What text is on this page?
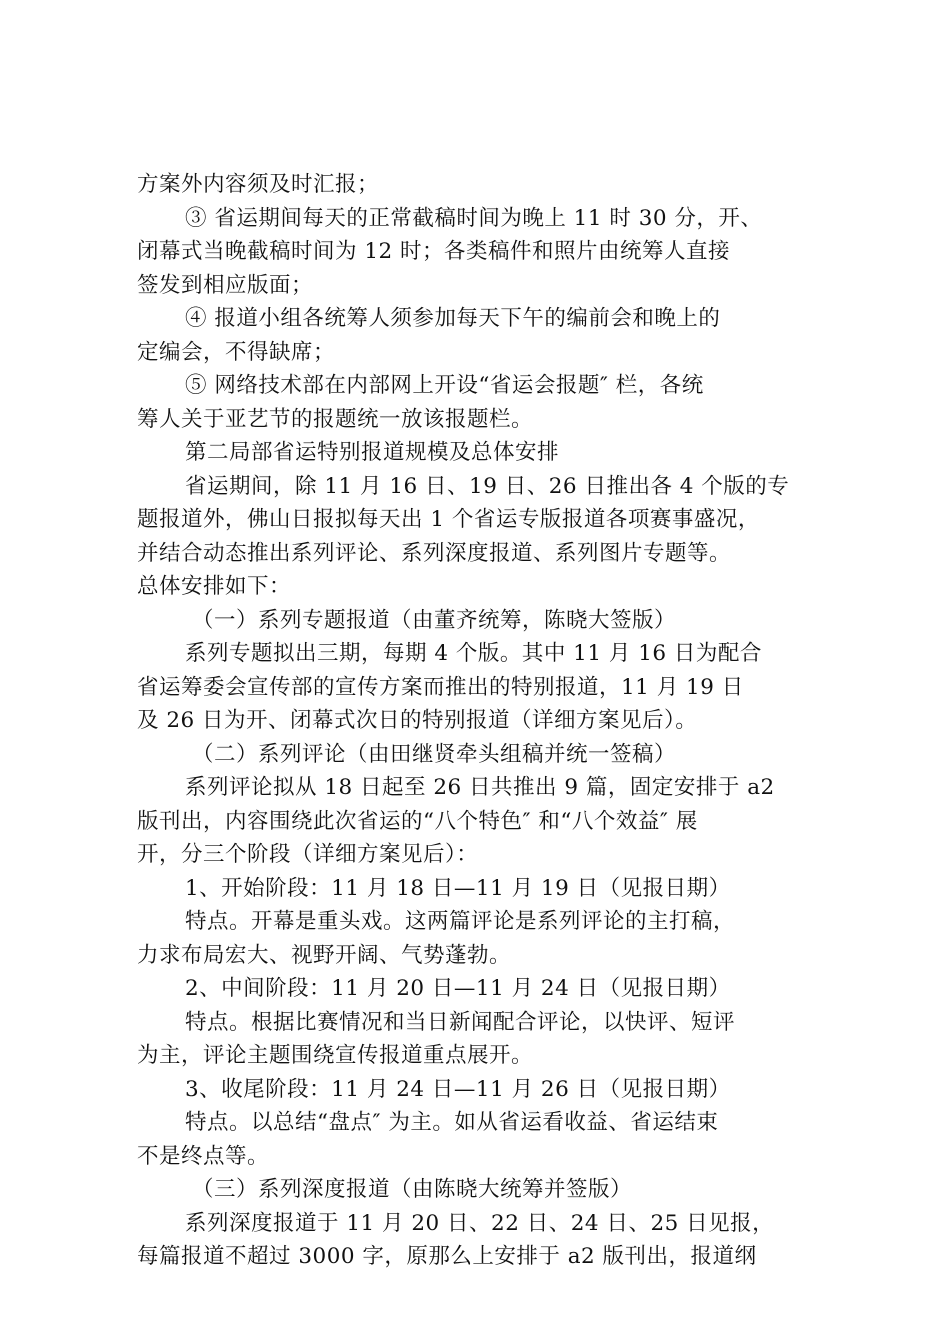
方案外内容须及时汇报；
③ 省运期间每天的正常截稿时间为晚上 11 时 30 分，开、
闭幕式当晚截稿时间为 12 时；各类稿件和照片由统筹人直接
签发到相应版面；
④ 报道小组各统筹人须参加每天下午的编前会和晚上的
定编会，不得缺席；
⑤ 网络技术部在内部网上开设“省运会报题″ 栏，各统
筹人关于亚艺节的报题统一放该报题栏。
第二局部省运特别报道规模及总体安排
省运期间，除 11 月 16 日、19 日、26 日推出各 4 个版的专
题报道外，佛山日报拟每天出 1 个省运专版报道各项赛事盛况，
并结合动态推出系列评论、系列深度报道、系列图片专题等。
总体安排如下：
（一）系列专题报道（由董齐统筹，陈晓大签版）
系列专题拟出三期，每期 4 个版。其中 11 月 16 日为配合
省运筹委会宣传部的宣传方案而推出的特别报道，11 月 19 日
及 26 日为开、闭幕式次日的特别报道（详细方案见后）。
（二）系列评论（由田继贤牵头组稿并统一签稿）
系列评论拟从 18 日起至 26 日共推出 9 篇，固定安排于 a2
版刊出，内容围绕此次省运的“八个特色″ 和“八个效益″ 展
开，分三个阶段（详细方案见后）：
1、开始阶段：11 月 18 日—11 月 19 日（见报日期）
特点。开幕是重头戏。这两篇评论是系列评论的主打稿，
力求布局宏大、视野开阔、气势蓬勃。
2、中间阶段：11 月 20 日—11 月 24 日（见报日期）
特点。根据比赛情况和当日新闻配合评论，以快评、短评
为主，评论主题围绕宣传报道重点展开。
3、收尾阶段：11 月 24 日—11 月 26 日（见报日期）
特点。以总结“盘点″ 为主。如从省运看收益、省运结束
不是终点等。
（三）系列深度报道（由陈晓大统筹并签版）
系列深度报道于 11 月 20 日、22 日、24 日、25 日见报，
每篇报道不超过 3000 字，原那么上安排于 a2 版刊出，报道纲
